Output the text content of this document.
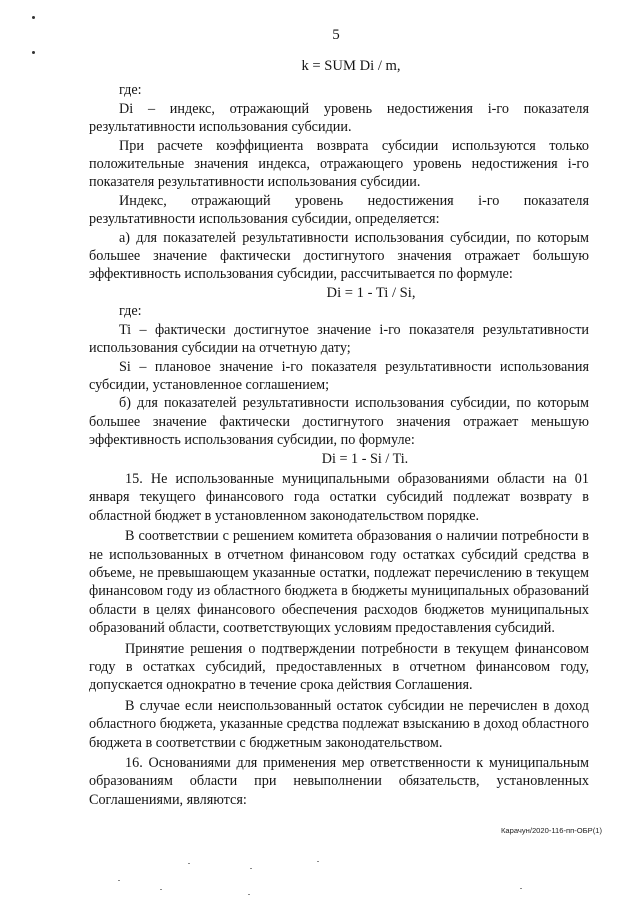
5

k = SUM Di / m,

где:

Di – индекс, отражающий уровень недостижения i-го показателя результативности использования субсидии.

При расчете коэффициента возврата субсидии используются только положительные значения индекса, отражающего уровень недостижения i-го показателя результативности использования субсидии.

Индекс, отражающий уровень недостижения i-го показателя

результативности использования субсидии, определяется:

а) для показателей результативности использования субсидии, по которым большее значение фактически достигнутого значения отражает большую эффективность использования субсидии, рассчитывается по формуле:

Di = 1 - Ti / Si,

где:

Ti – фактически достигнутое значение i-го показателя результативности использования субсидии на отчетную дату;

Si – плановое значение i-го показателя результативности использования субсидии, установленное соглашением;

б) для показателей результативности использования субсидии, по которым большее значение фактически достигнутого значения отражает меньшую эффективность использования субсидии, по формуле:

Di = 1 - Si / Ti.

15. Не использованные муниципальными образованиями области на 01 января текущего финансового года остатки субсидий подлежат возврату в областной бюджет в установленном законодательством порядке.

В соответствии с решением комитета образования о наличии потребности в не использованных в отчетном финансовом году остатках субсидий средства в объеме, не превышающем указанные остатки, подлежат перечислению в текущем финансовом году из областного бюджета в бюджеты муниципальных образований области в целях финансового обеспечения расходов бюджетов муниципальных образований области, соответствующих условиям предоставления субсидий.

Принятие решения о подтверждении потребности в текущем финансовом году в остатках субсидий, предоставленных в отчетном финансовом году, допускается однократно в течение срока действия Соглашения.

В случае если неиспользованный остаток субсидии не перечислен в доход областного бюджета, указанные средства подлежат взысканию в доход областного бюджета в соответствии с бюджетным законодательством.

16. Основаниями для применения мер ответственности к муниципальным образованиям области при невыполнении обязательств, установленных Соглашениями, являются:

Карачун/2020-116-пп-ОБР(1)
